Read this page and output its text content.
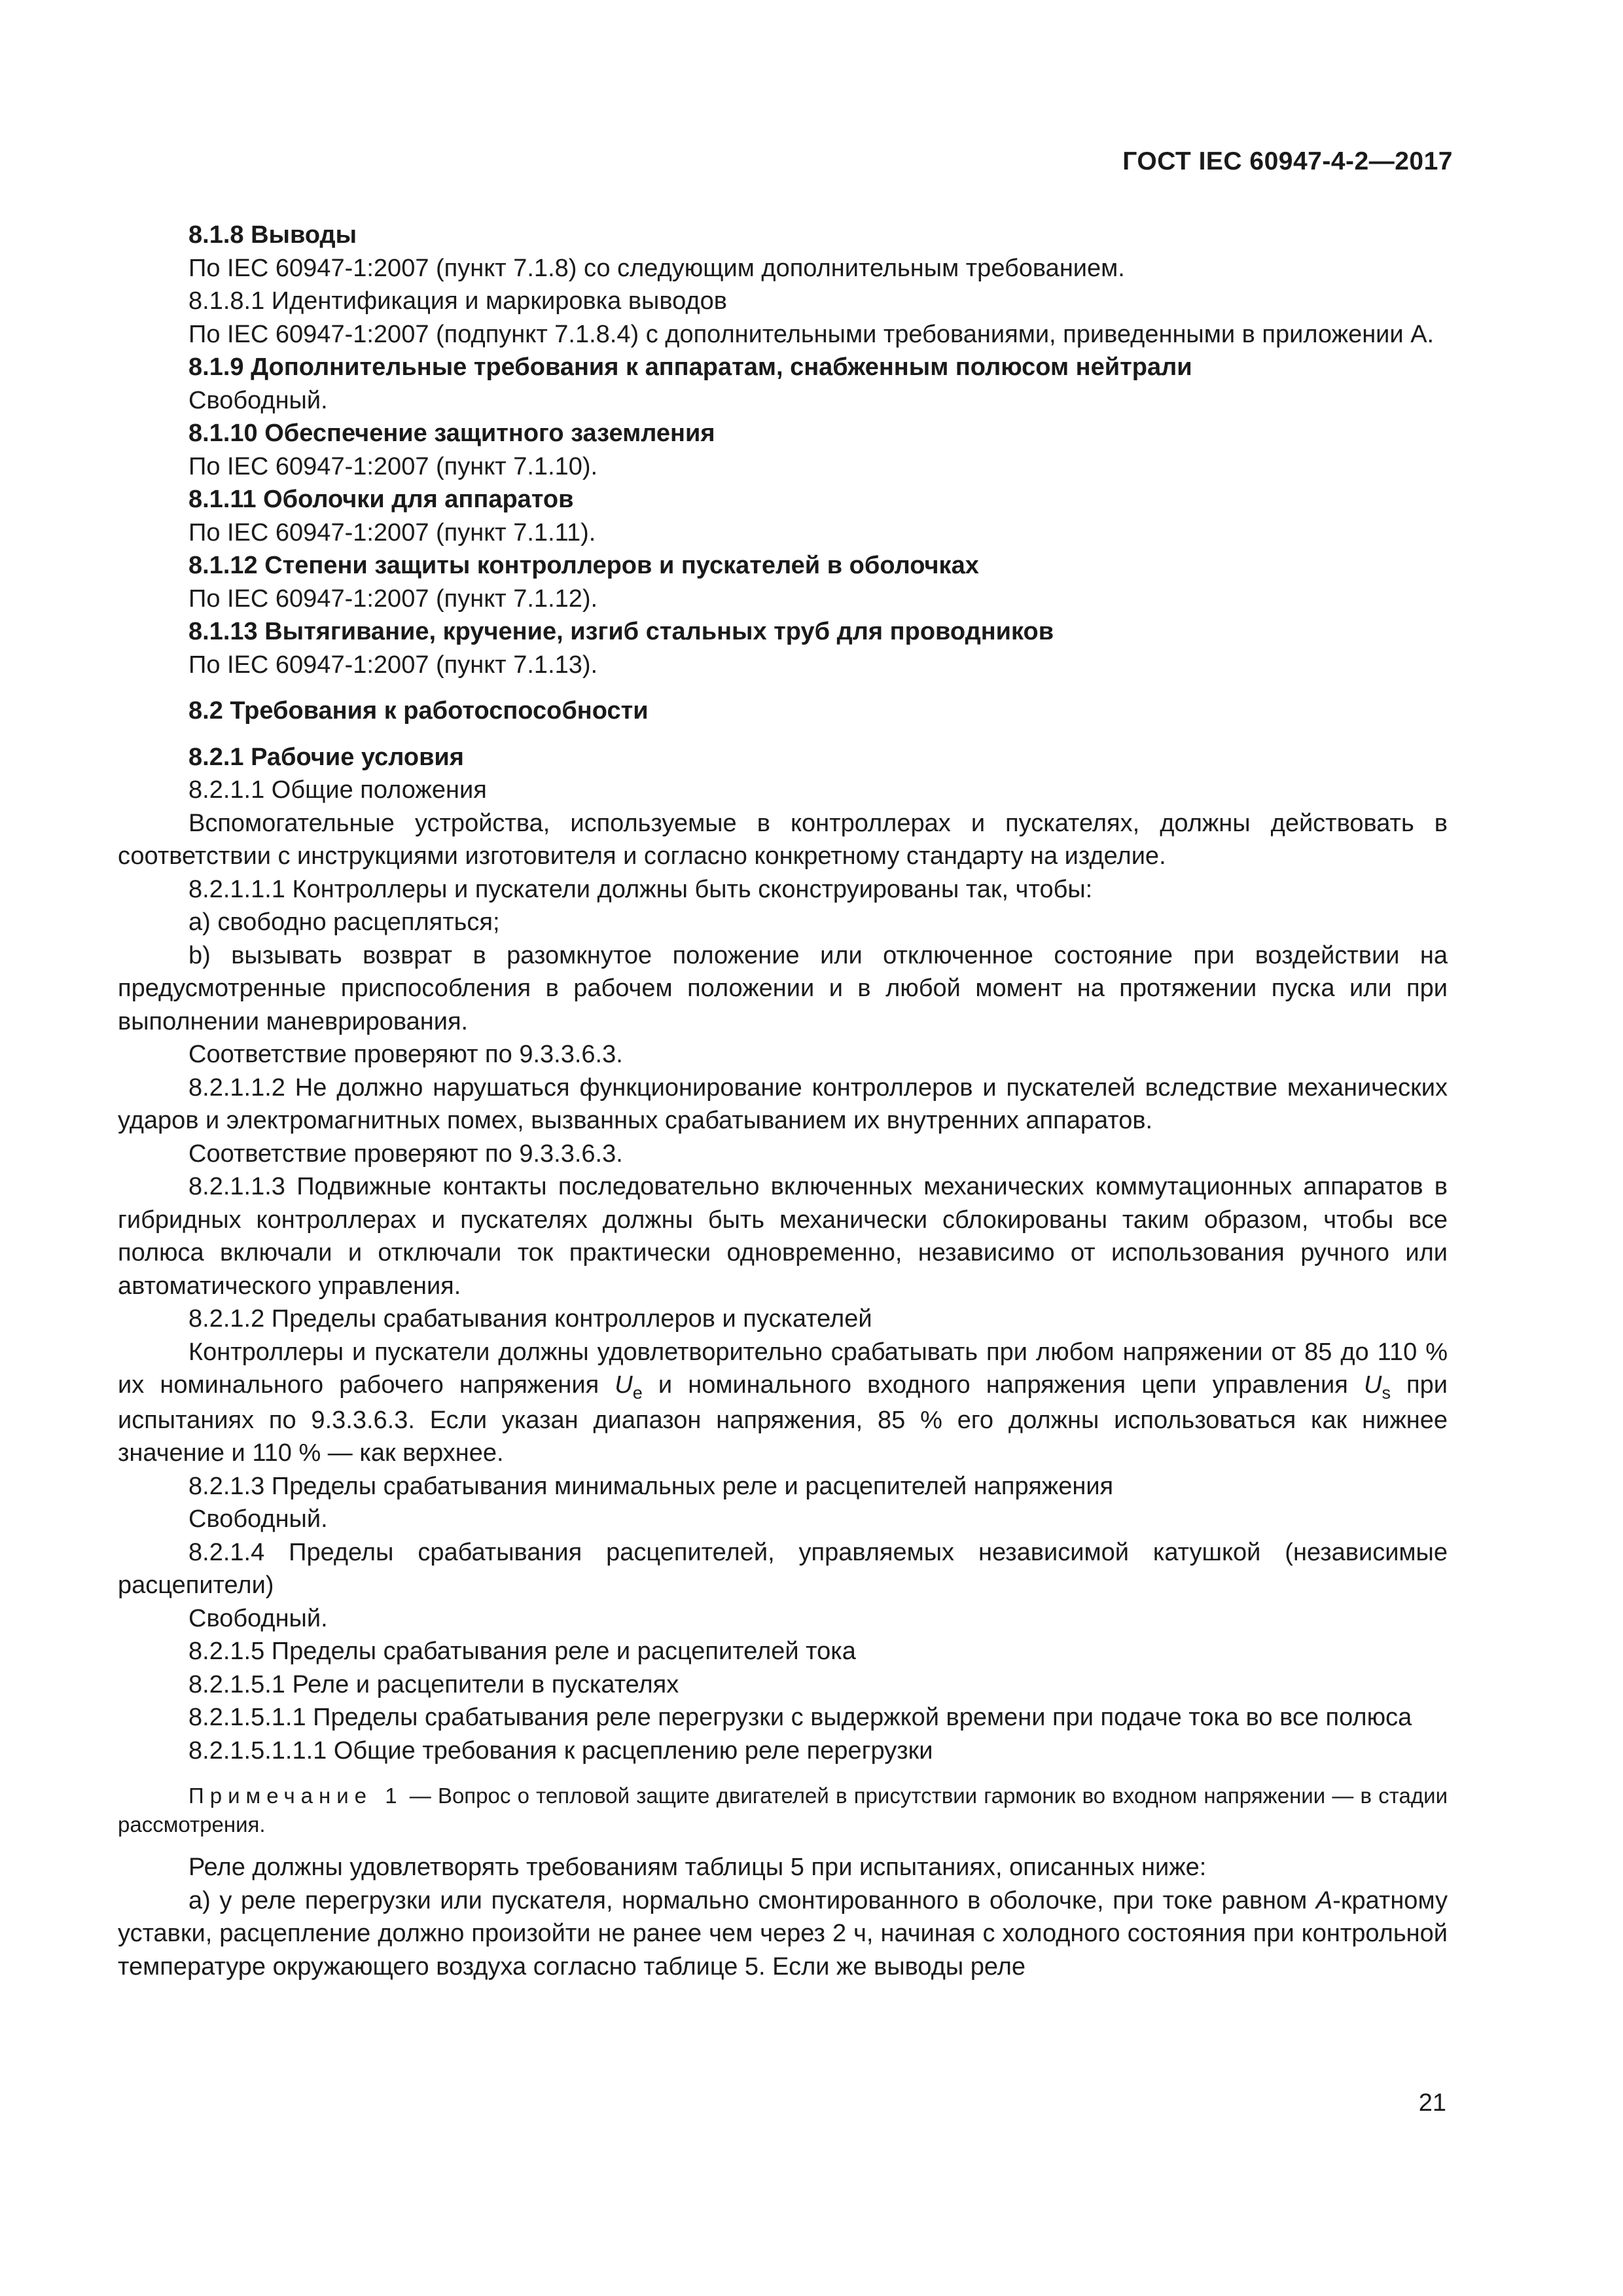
ГОСТ IEC 60947-4-2—2017

8.1.8 Выводы

По IEC 60947-1:2007 (пункт 7.1.8) со следующим дополнительным требованием.

8.1.8.1 Идентификация и маркировка выводов

По IEC 60947-1:2007 (подпункт 7.1.8.4) с дополнительными требованиями, приведенными в приложении А.

8.1.9 Дополнительные требования к аппаратам, снабженным полюсом нейтрали

Свободный.

8.1.10 Обеспечение защитного заземления

По IEC 60947-1:2007 (пункт 7.1.10).

8.1.11 Оболочки для аппаратов

По IEC 60947-1:2007 (пункт 7.1.11).

8.1.12 Степени защиты контроллеров и пускателей в оболочках

По IEC 60947-1:2007 (пункт 7.1.12).

8.1.13 Вытягивание, кручение, изгиб стальных труб для проводников

По IEC 60947-1:2007 (пункт 7.1.13).

8.2 Требования к работоспособности

8.2.1 Рабочие условия

8.2.1.1 Общие положения

Вспомогательные устройства, используемые в контроллерах и пускателях, должны действовать в соответствии с инструкциями изготовителя и согласно конкретному стандарту на изделие.

8.2.1.1.1 Контроллеры и пускатели должны быть сконструированы так, чтобы:

a) свободно расцепляться;

b) вызывать возврат в разомкнутое положение или отключенное состояние при воздействии на предусмотренные приспособления в рабочем положении и в любой момент на протяжении пуска или при выполнении маневрирования.

Соответствие проверяют по 9.3.3.6.3.

8.2.1.1.2 Не должно нарушаться функционирование контроллеров и пускателей вследствие механических ударов и электромагнитных помех, вызванных срабатыванием их внутренних аппаратов.

Соответствие проверяют по 9.3.3.6.3.

8.2.1.1.3 Подвижные контакты последовательно включенных механических коммутационных аппаратов в гибридных контроллерах и пускателях должны быть механически сблокированы таким образом, чтобы все полюса включали и отключали ток практически одновременно, независимо от использования ручного или автоматического управления.

8.2.1.2 Пределы срабатывания контроллеров и пускателей

Контроллеры и пускатели должны удовлетворительно срабатывать при любом напряжении от 85 до 110 % их номинального рабочего напряжения $U_e$ и номинального входного напряжения цепи управления $U_s$ при испытаниях по 9.3.3.6.3. Если указан диапазон напряжения, 85 % его должны использоваться как нижнее значение и 110 % — как верхнее.

8.2.1.3 Пределы срабатывания минимальных реле и расцепителей напряжения

Свободный.

8.2.1.4 Пределы срабатывания расцепителей, управляемых независимой катушкой (независимые расцепители)

Свободный.

8.2.1.5 Пределы срабатывания реле и расцепителей тока

8.2.1.5.1 Реле и расцепители в пускателях

8.2.1.5.1.1 Пределы срабатывания реле перегрузки с выдержкой времени при подаче тока во все полюса

8.2.1.5.1.1.1 Общие требования к расцеплению реле перегрузки

Примечание 1 — Вопрос о тепловой защите двигателей в присутствии гармоник во входном напряжении — в стадии рассмотрения.

Реле должны удовлетворять требованиям таблицы 5 при испытаниях, описанных ниже:

a) у реле перегрузки или пускателя, нормально смонтированного в оболочке, при токе равном A-кратному уставки, расцепление должно произойти не ранее чем через 2 ч, начиная с холодного состояния при контрольной температуре окружающего воздуха согласно таблице 5. Если же выводы реле

21
